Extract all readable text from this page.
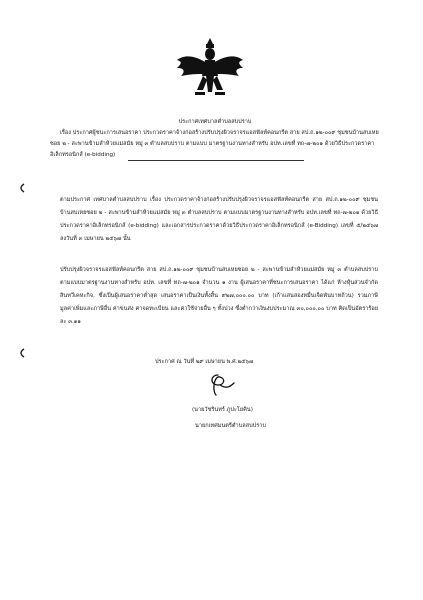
ประกาศเทศบาลตำบลสบปราบ
เรื่อง ประกาศผู้ชนะการเสนอราคา ประกวดราคาจ้างก่อสร้างปรับปรุงผิวจราจรแอสฟัลท์คอนกรีต สาย สป.ถ.๑๒-๐๐๙ ชุมชนบ้านสบเหยซอย ๒ - สะพานข้ามลำห้วยแม่สมัย หมู่ ๓ ตำบลสบปราบ ตามแบบ มาตรฐานงานทางสำหรับ อปท.เลขที่ ทถ-๗-๒๐๑ ด้วยวิธีประกวดราคาอิเล็กทรอนิกส์ (e-bidding)
ตามประกาศ เทศบาลตำบลสบปราบ เรื่อง ประกวดราคาจ้างก่อสร้างปรับปรุงผิวจราจรแอสฟัลท์คอนกรีต สาย สป.ถ.๑๒-๐๐๙ ชุมชนบ้านสบเหยซอย ๒ - สะพานข้ามลำห้วยแม่สมัย หมู่ ๓ ตำบลสบปราบ ตามแบบมาตรฐานงานทางสำหรับ อปท.เลขที่ ทถ-๗-๒๐๑ ด้วยวิธีประกวดราคาอิเล็กทรอนิกส์ (e-bidding) และเอกสารประกวดราคาด้วยวิธีประกวดราคาอิเล็กทรอนิกส์ (e-Bidding) เลขที่ ๕/๒๕๖๗ ลงวันที่ ๓ เมษายน ๒๕๖๗ นั้น
ปรับปรุงผิวจราจรแอสฟัลท์คอนกรีต สาย สป.ถ.๑๒-๐๐๙ ชุมชนบ้านสบเหยซอย ๒ - สะพานข้ามลำห้วยแม่สมัย หมู่ ๓ ตำบลสบปราบ ตามแบบมาตรฐานงานทางสำหรับ อปท. เลขที่ ทถ-๗-๒๐๑ จำนวน ๑ งาน ผู้เสนอราคาที่ชนะการเสนอราคา ได้แก่ ห้างหุ้นส่วนจำกัด สินทวีเคหะกิจ, ซึ่งเป็นผู้เสนอราคาต่ำสุด เสนอราคาเป็นเงินทั้งสิ้น ๙๒๗,๐๐๐.๐๐ บาท (เก้าแสนสองหมื่นเจ็ดพันบาทถ้วน) รวมภาษีมูลค่าเพิ่มและภาษีอื่น ค่าขนส่ง ค่าจดทะเบียน และค่าใช้จ่ายอื่น ๆ ทั้งปวง ซึ่งต่ำกว่าเงินงบประมาณ ๓๐,๐๐๐.๐๐ บาท คิดเป็นอัตราร้อยละ ๓.๑๑
ประกาศ ณ วันที่ ๒๙ เมษายน พ.ศ.๒๕๖๗
(นายวัชรินทร์ ภูปะโยคิน)
นายกเทศมนตรีตำบลสบปราบ
